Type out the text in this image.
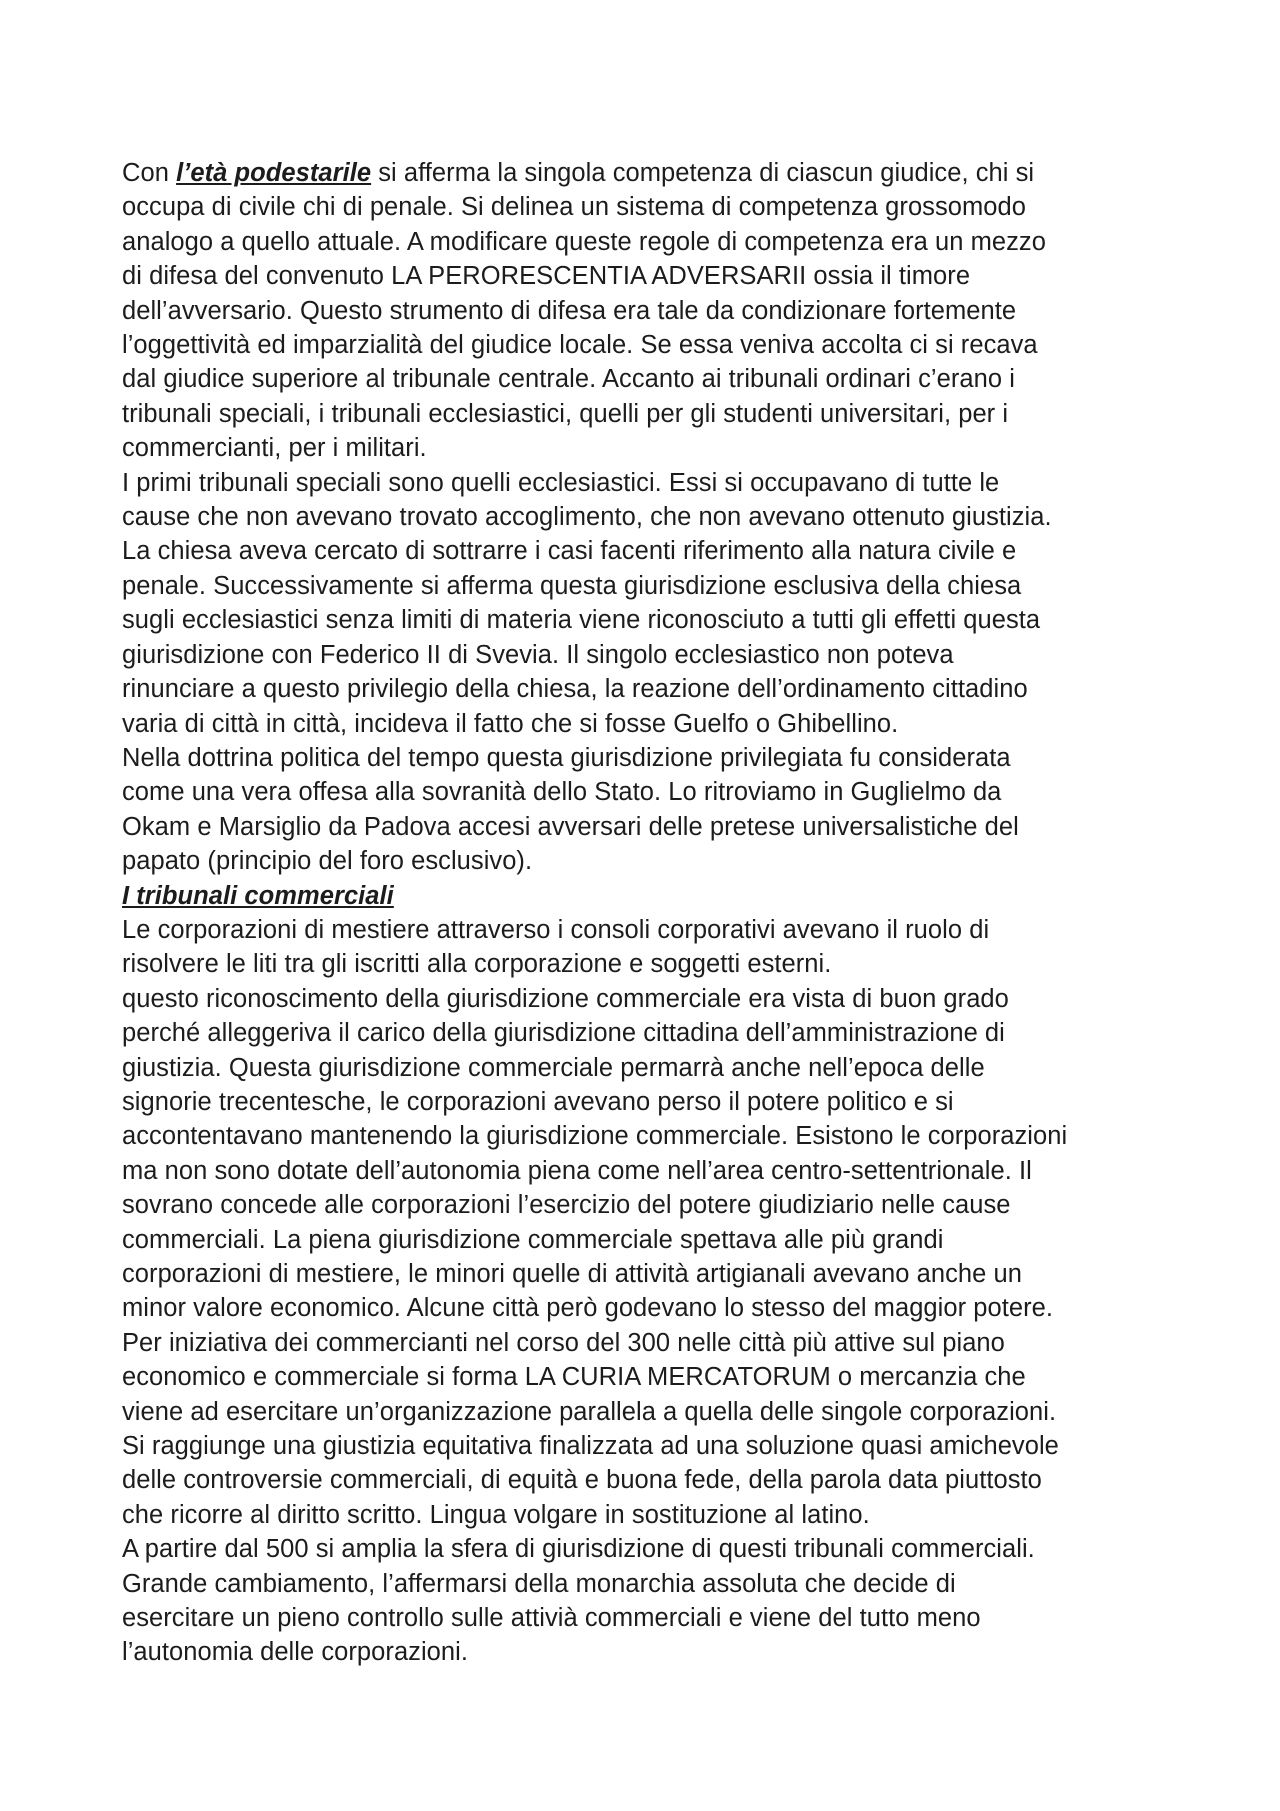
Con l’età podestarile si afferma la singola competenza di ciascun giudice, chi si
occupa di civile chi di penale. Si delinea un sistema di competenza grossomodo
analogo a quello attuale. A modificare queste regole di competenza era un mezzo
di difesa del convenuto LA PERORESCENTIA ADVERSARII ossia il timore
dell’avversario. Questo strumento di difesa era tale da condizionare fortemente
l’oggettività ed imparzialità del giudice locale. Se essa veniva accolta ci si recava
dal giudice superiore al tribunale centrale. Accanto ai tribunali ordinari c’erano i
tribunali speciali, i tribunali ecclesiastici, quelli per gli studenti universitari, per i
commercianti, per i militari.

I primi tribunali speciali sono quelli ecclesiastici. Essi si occupavano di tutte le
cause che non avevano trovato accoglimento, che non avevano ottenuto giustizia.
La chiesa aveva cercato di sottrarre i casi facenti riferimento alla natura civile e
penale. Successivamente si afferma questa giurisdizione esclusiva della chiesa
sugli ecclesiastici senza limiti di materia viene riconosciuto a tutti gli effetti questa
giurisdizione con Federico II di Svevia. Il singolo ecclesiastico non poteva
rinunciare a questo privilegio della chiesa, la reazione dell’ordinamento cittadino
varia di città in città, incideva il fatto che si fosse Guelfo o Ghibellino.

Nella dottrina politica del tempo questa giurisdizione privilegiata fu considerata
come una vera offesa alla sovranità dello Stato. Lo ritroviamo in Guglielmo da
Okam e Marsiglio da Padova accesi avversari delle pretese universalistiche del
papato (principio del foro esclusivo).

I tribunali commerciali

Le corporazioni di mestiere attraverso i consoli corporativi avevano il ruolo di
risolvere le liti tra gli iscritti alla corporazione e soggetti esterni.

questo riconoscimento della giurisdizione commerciale era vista di buon grado
perché alleggeriva il carico della giurisdizione cittadina dell’amministrazione di
giustizia. Questa giurisdizione commerciale permarrà anche nell’epoca delle
signorie trecentesche, le corporazioni avevano perso il potere politico e si
accontentavano mantenendo la giurisdizione commerciale. Esistono le corporazioni
ma non sono dotate dell’autonomia piena come nell’area centro-settentrionale. Il
sovrano concede alle corporazioni l’esercizio del potere giudiziario nelle cause
commerciali. La piena giurisdizione commerciale spettava alle più grandi
corporazioni di mestiere, le minori quelle di attività artigianali avevano anche un
minor valore economico. Alcune città però godevano lo stesso del maggior potere.
Per iniziativa dei commercianti nel corso del 300 nelle città più attive sul piano
economico e commerciale si forma LA CURIA MERCATORUM o mercanzia che
viene ad esercitare un’organizzazione parallela a quella delle singole corporazioni.
Si raggiunge una giustizia equitativa finalizzata ad una soluzione quasi amichevole
delle controversie commerciali, di equità e buona fede, della parola data piuttosto
che ricorre al diritto scritto. Lingua volgare in sostituzione al latino.

A partire dal 500 si amplia la sfera di giurisdizione di questi tribunali commerciali.
Grande cambiamento, l’affermarsi della monarchia assoluta che decide di
esercitare un pieno controllo sulle attivià commerciali e viene del tutto meno
l’autonomia delle corporazioni.
